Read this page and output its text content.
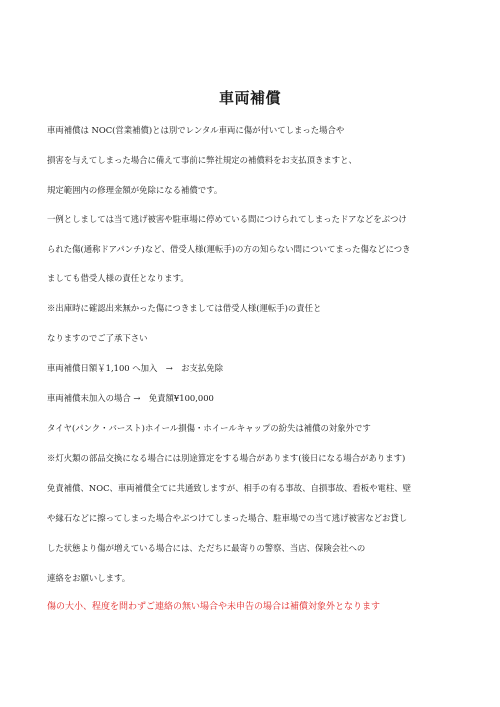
車両補償
車両補償は NOC(営業補償)とは別でレンタル車両に傷が付いてしまった場合や
損害を与えてしまった場合に備えて事前に弊社規定の補償料をお支払頂きますと、
規定範囲内の修理金額が免除になる補償です。
一例としましては当て逃げ被害や駐車場に停めている間につけられてしまったドアなどをぶつけ
られた傷(通称ドアパンチ)など、借受人様(運転手)の方の知らない間についてまった傷などにつき
ましても借受人様の責任となります。
※出庫時に確認出来無かった傷につきましては借受人様(運転手)の責任と
なりますのでご了承下さい
車両補償日額￥1,100 へ加入　→　お支払免除
車両補償未加入の場合 →　免責額¥100,000
タイヤ(パンク・バースト)ホイール損傷・ホイールキャップの紛失は補償の対象外です
※灯火類の部品交換になる場合には別途算定をする場合があります(後日になる場合があります)
免責補償、NOC、車両補償全てに共通致しますが、相手の有る事故、自損事故、看板や電柱、壁
や縁石などに擦ってしまった場合やぶつけてしまった場合、駐車場での当て逃げ被害などお貸し
した状態より傷が増えている場合には、ただちに最寄りの警察、当店、保険会社への
連絡をお願いします。
傷の大小、程度を問わずご連絡の無い場合や未申告の場合は補償対象外となります
